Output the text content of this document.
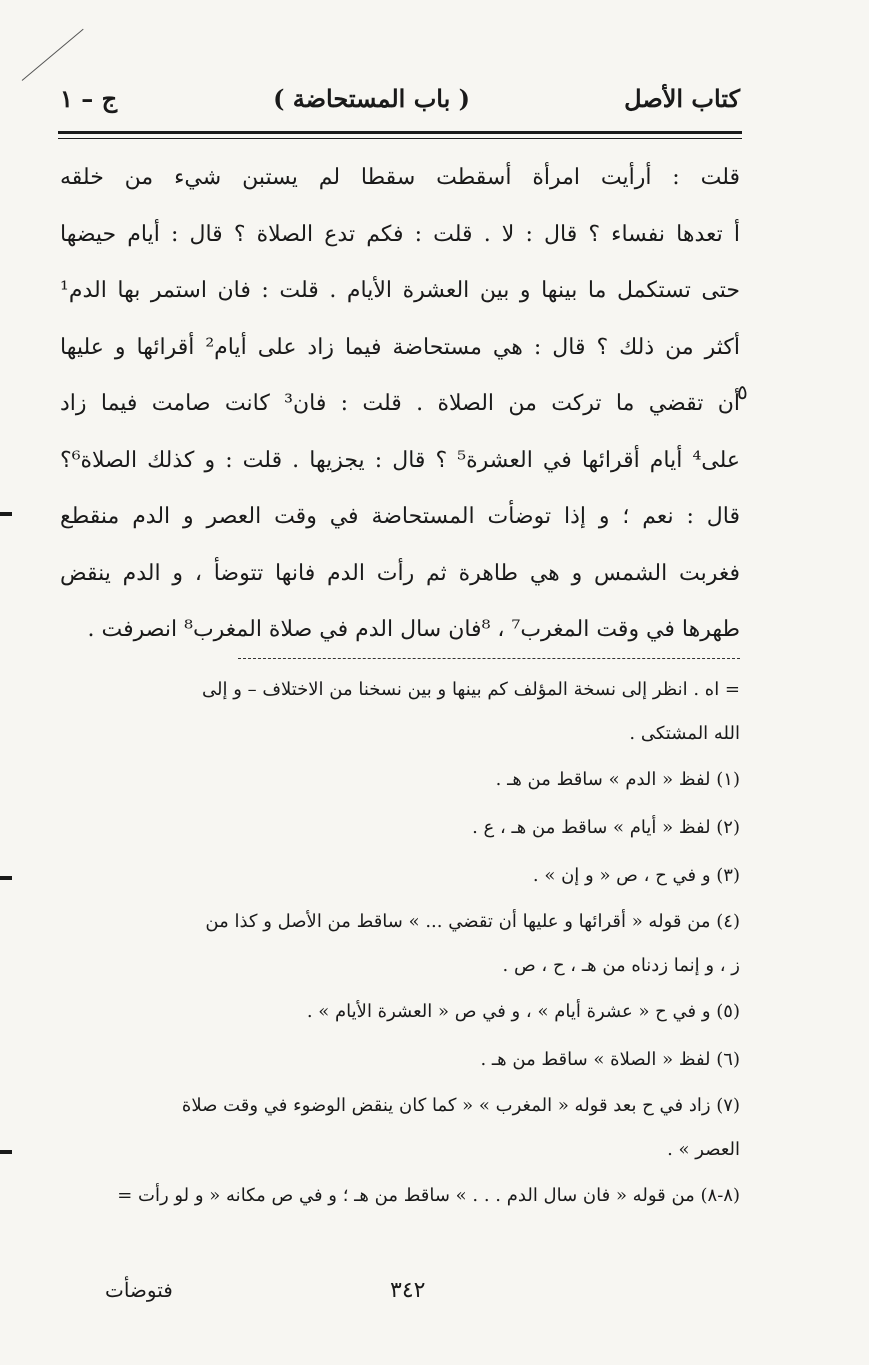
كتاب الأصل
( باب المستحاضة )
ج – ١
قلت : أرأيت امرأة أسقطت سقطا لم يستبن شيء من خلقه
أ تعدها نفساء ؟ قال : لا . قلت : فكم تدع الصلاة ؟ قال : أيام حيضها
حتى تستكمل ما بينها و بين العشرة الأيام . قلت : فان استمر بها الدم¹
أكثر من ذلك ؟ قال : هي مستحاضة فيما زاد على أيام² أقرائها و عليها
أن تقضي ما تركت من الصلاة . قلت : فان³ كانت صامت فيما زاد
على⁴ أيام أقرائها في العشرة⁵ ؟ قال : يجزيها . قلت : و كذلك الصلاة⁶؟
قال : نعم ؛ و إذا توضأت المستحاضة في وقت العصر و الدم منقطع
فغربت الشمس و هي طاهرة ثم رأت الدم فانها تتوضأ ، و الدم ينقض
طهرها في وقت المغرب⁷ ، ⁸فان سال الدم في صلاة المغرب⁸ انصرفت .
٥
= اه . انظر إلى نسخة المؤلف كم بينها و بين نسخنا من الاختلاف – و إلى
الله المشتكى .
(١) لفظ « الدم » ساقط من هـ .
(٢) لفظ « أيام » ساقط من هـ ، ع .
(٣) و في ح ، ص « و إن » .
(٤) من قوله « أقرائها و عليها أن تقضي ... » ساقط من الأصل و كذا من
ز ، و إنما زدناه من هـ ، ح ، ص .
(٥) و في ح « عشرة أيام » ، و في ص « العشرة الأيام » .
(٦) لفظ « الصلاة » ساقط من هـ .
(٧) زاد في ح بعد قوله « المغرب » « كما كان ينقض الوضوء في وقت صلاة
العصر » .
(٨-٨) من قوله « فان سال الدم . . . » ساقط من هـ ؛ و في ص مكانه « و لو رأت =
٣٤٢
فتوضأت
